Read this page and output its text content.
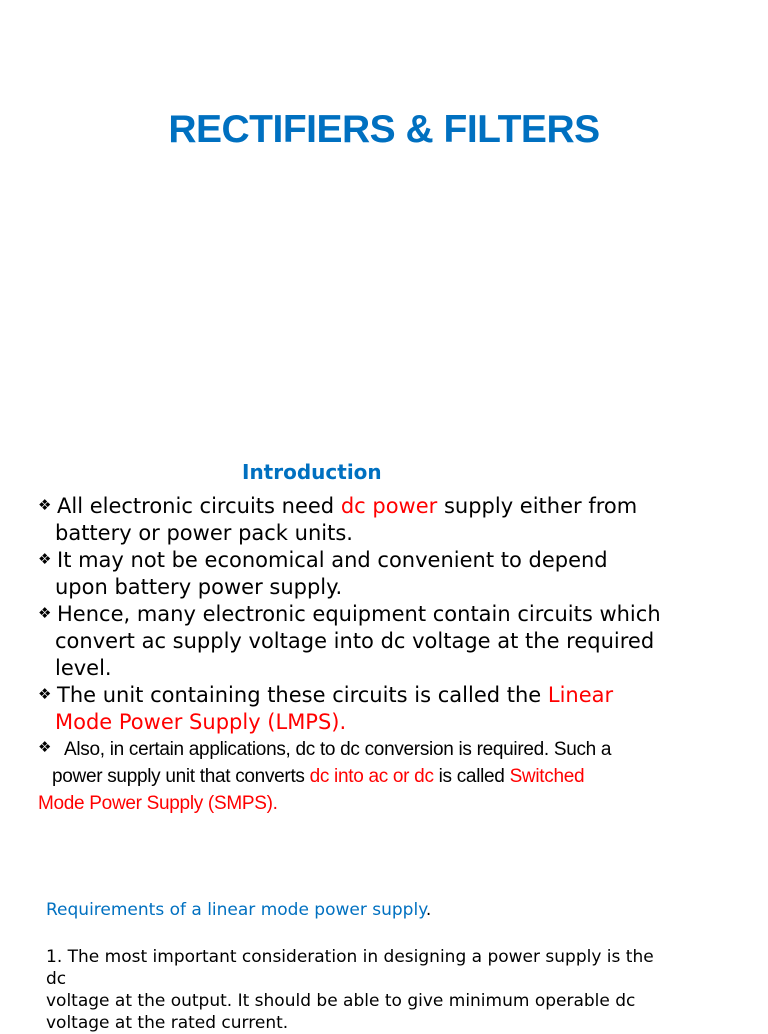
RECTIFIERS & FILTERS
Introduction
❖ All electronic circuits need dc power supply either from
battery or power pack units.
❖ It may not be economical and convenient to depend
upon battery power supply.
❖ Hence, many electronic equipment contain circuits which
convert ac supply voltage into dc voltage at the required
level.
❖ The unit containing these circuits is called the Linear
Mode Power Supply (LMPS).
❖ Also, in certain applications, dc to dc conversion is required. Such a
power supply unit that converts dc into ac or dc is called Switched
Mode Power Supply (SMPS).
Requirements of a linear mode power supply.
1. The most important consideration in designing a power supply is the
dc
voltage at the output. It should be able to give minimum operable dc
voltage at the rated current.
